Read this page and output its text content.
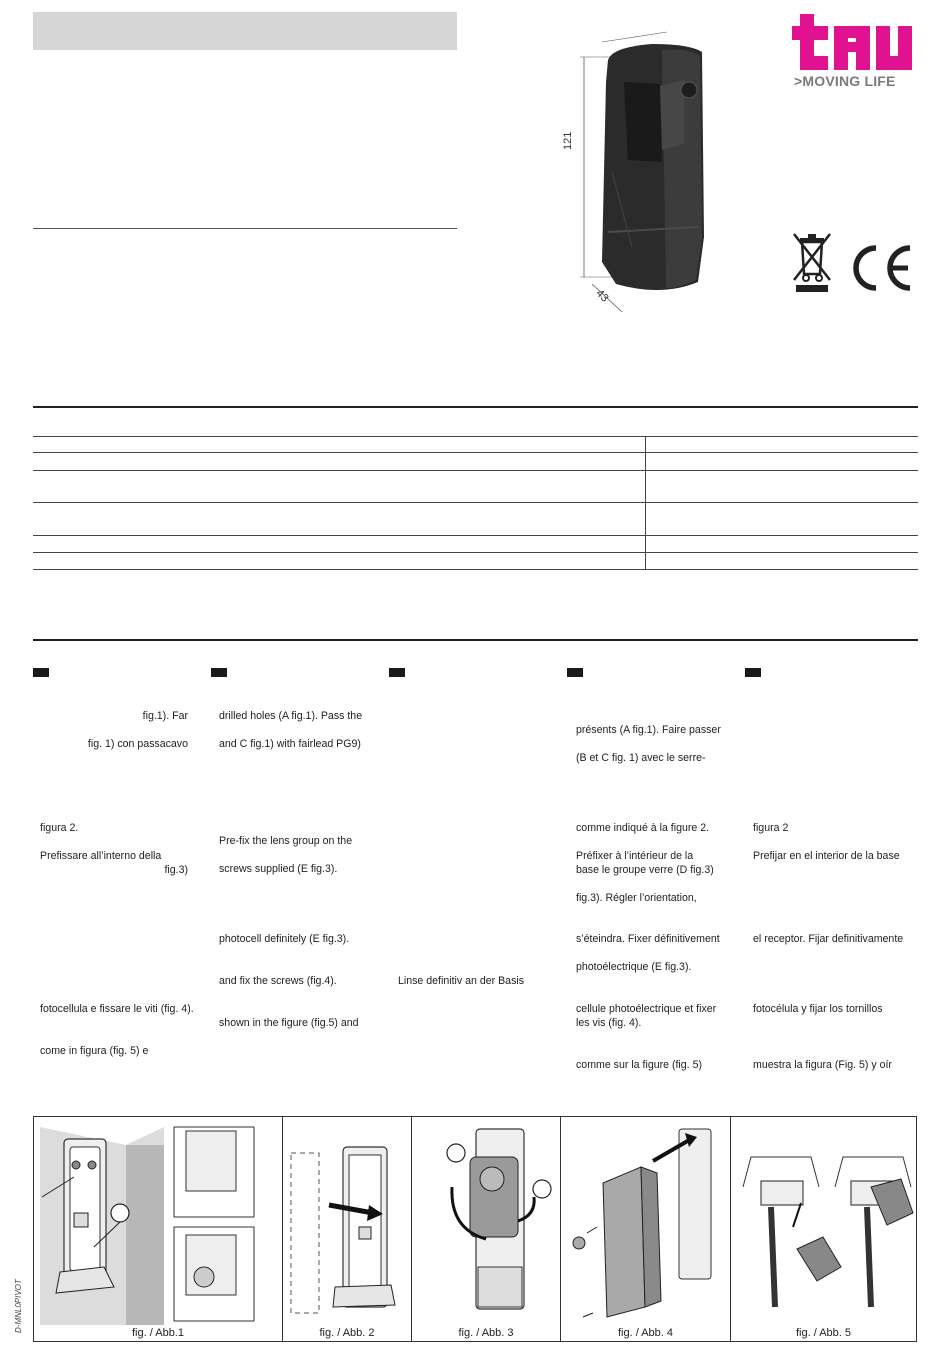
121
43
>MOVING LIFE
fig.1). Far
fig. 1) con passacavo
figura 2.
Prefissare all’interno della
fig.3)
fotocellula e fissare le viti (fig. 4).
come in figura (fig. 5) e
drilled holes (A fig.1). Pass the
and C fig.1) with fairlead PG9)
Pre-fix the lens group on the
screws supplied (E fig.3).
photocell definitely (E fig.3).
and fix the screws (fig.4).
shown in the figure (fig.5) and
Linse definitiv an der Basis
présents (A fig.1). Faire passer
(B et C fig. 1) avec le serre-
comme indiqué à la figure 2.
Préfixer à l’intérieur de la
base le groupe verre (D fig.3)
fig.3). Régler l’orientation,
s’éteindra. Fixer définitivement
photoélectrique (E fig.3).
cellule photoélectrique et fixer
les vis (fig. 4).
comme sur la figure (fig. 5)
figura 2
Prefijar en el interior de la base
el receptor. Fijar definitivamente
fotocélula y fijar los tornillos
muestra la figura (Fig. 5) y oír
fig. / Abb.1	fig. / Abb. 2	fig. / Abb. 3	fig. / Abb. 4	fig. / Abb. 5
D-MNL0PIVOT
